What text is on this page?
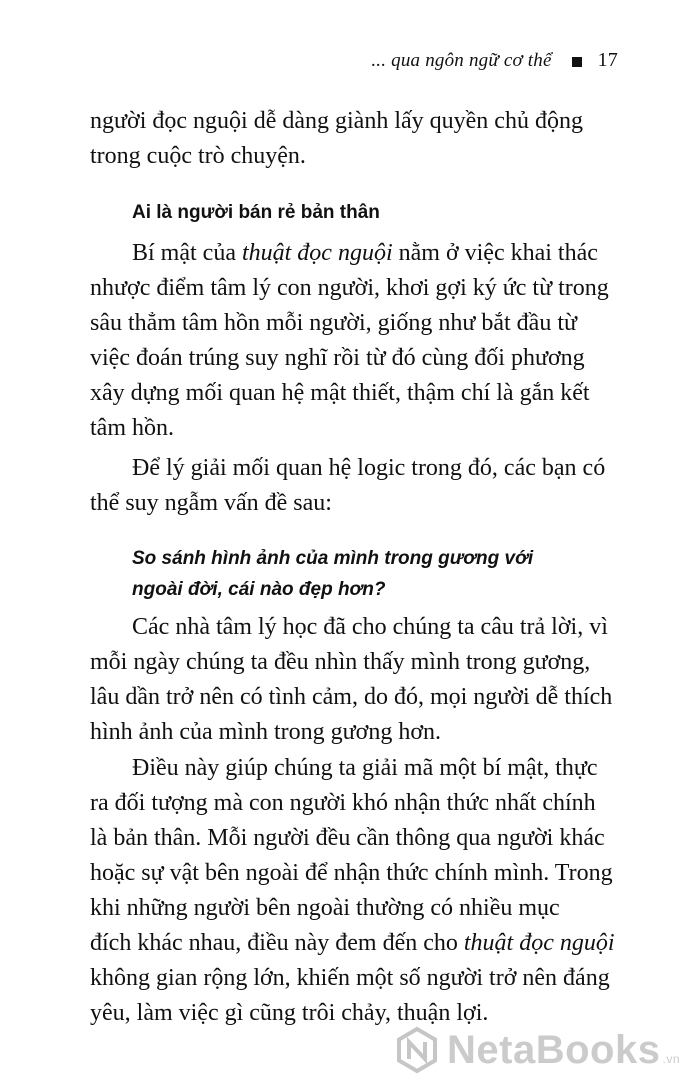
... qua ngôn ngữ cơ thể 17
người đọc nguội dễ dàng giành lấy quyền chủ động
trong cuộc trò chuyện.
Ai là người bán rẻ bản thân
Bí mật của thuật đọc nguội nằm ở việc khai thác
nhược điểm tâm lý con người, khơi gợi ký ức từ trong
sâu thẳm tâm hồn mỗi người, giống như bắt đầu từ
việc đoán trúng suy nghĩ rồi từ đó cùng đối phương
xây dựng mối quan hệ mật thiết, thậm chí là gắn kết
tâm hồn.
Để lý giải mối quan hệ logic trong đó, các bạn có
thể suy ngẫm vấn đề sau:
So sánh hình ảnh của mình trong gương với
ngoài đời, cái nào đẹp hơn?
Các nhà tâm lý học đã cho chúng ta câu trả lời, vì
mỗi ngày chúng ta đều nhìn thấy mình trong gương,
lâu dần trở nên có tình cảm, do đó, mọi người dễ thích
hình ảnh của mình trong gương hơn.
Điều này giúp chúng ta giải mã một bí mật, thực
ra đối tượng mà con người khó nhận thức nhất chính
là bản thân. Mỗi người đều cần thông qua người khác
hoặc sự vật bên ngoài để nhận thức chính mình. Trong
khi những người bên ngoài thường có nhiều mục
đích khác nhau, điều này đem đến cho thuật đọc nguội
không gian rộng lớn, khiến một số người trở nên đáng
yêu, làm việc gì cũng trôi chảy, thuận lợi.
NetaBooks .vn
